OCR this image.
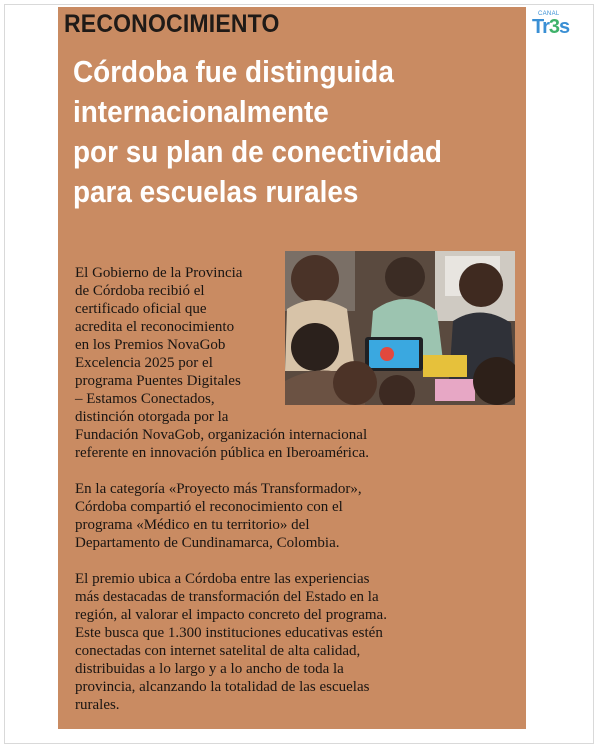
RECONOCIMIENTO
Córdoba fue distinguida
internacionalmente
por su plan de conectividad
para escuelas rurales
CANAL
Tr3s
El Gobierno de la Provincia
de Córdoba recibió el
certificado oficial que
acredita el reconocimiento
en los Premios NovaGob
Excelencia 2025 por el
programa Puentes Digitales
– Estamos Conectados,
distinción otorgada por la
Fundación NovaGob, organización internacional
referente en innovación pública en Iberoamérica.
En la categoría «Proyecto más Transformador»,
Córdoba compartió el reconocimiento con el
programa «Médico en tu territorio» del
Departamento de Cundinamarca, Colombia.
El premio ubica a Córdoba entre las experiencias
más destacadas de transformación del Estado en la
región, al valorar el impacto concreto del programa.
Este busca que 1.300 instituciones educativas estén
conectadas con internet satelital de alta calidad,
distribuidas a lo largo y a lo ancho de toda la
provincia, alcanzando la totalidad de las escuelas
rurales.
